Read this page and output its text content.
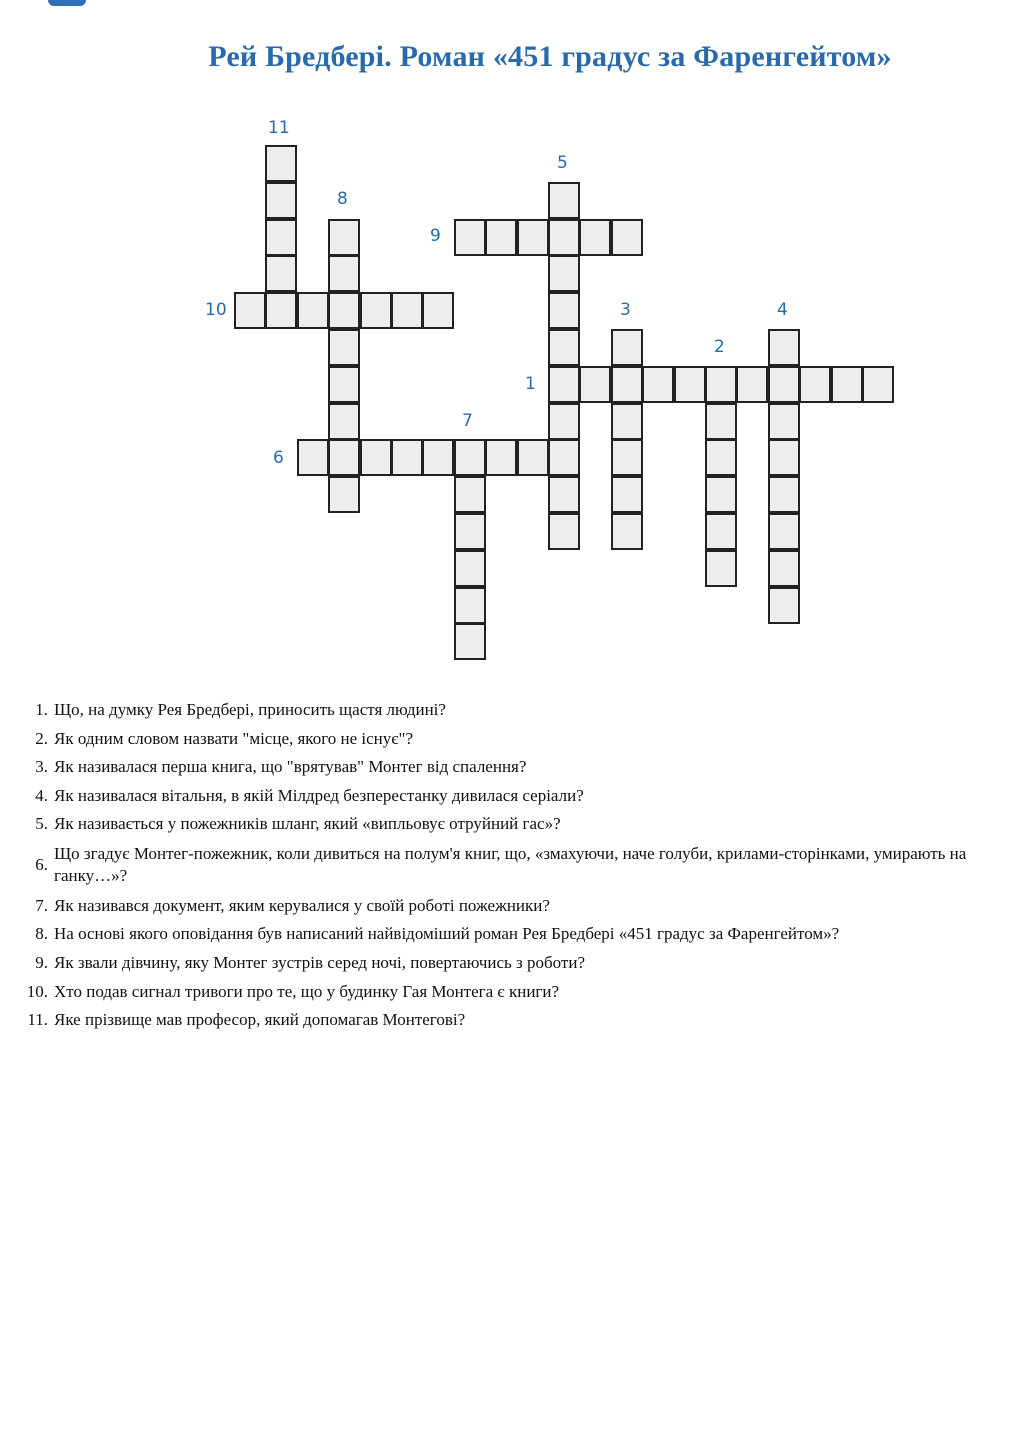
Рей Бредбері. Роман «451 градус за Фаренгейтом»
11
5
8
9
10	3	4
2
1
7
6
1. Що, на думку Рея Бредбері, приносить щастя людині?
2. Як одним словом назвати "місце, якого не існує"?
3. Як називалася перша книга, що "врятував" Монтег від спалення?
4. Як називалася вітальня, в якій Мілдред безперестанку дивилася серіали?
5. Як називається у пожежників шланг, який «випльовує отруйний гас»?
6.
Що згадує Монтег-пожежник, коли дивиться на полум'я книг, що, «змахуючи, наче голуби, крилами-сторінками, умирають на ганку…»?
7. Як називався документ, яким керувалися у своїй роботі пожежники?
8. На основі якого оповідання був написаний найвідоміший роман Рея Бредбері «451 градус за Фаренгейтом»?
9. Як звали дівчину, яку Монтег зустрів серед ночі, повертаючись з роботи?
10. Хто подав сигнал тривоги про те, що у будинку Гая Монтега є книги?
11. Яке прізвище мав професор, який допомагав Монтегові?
